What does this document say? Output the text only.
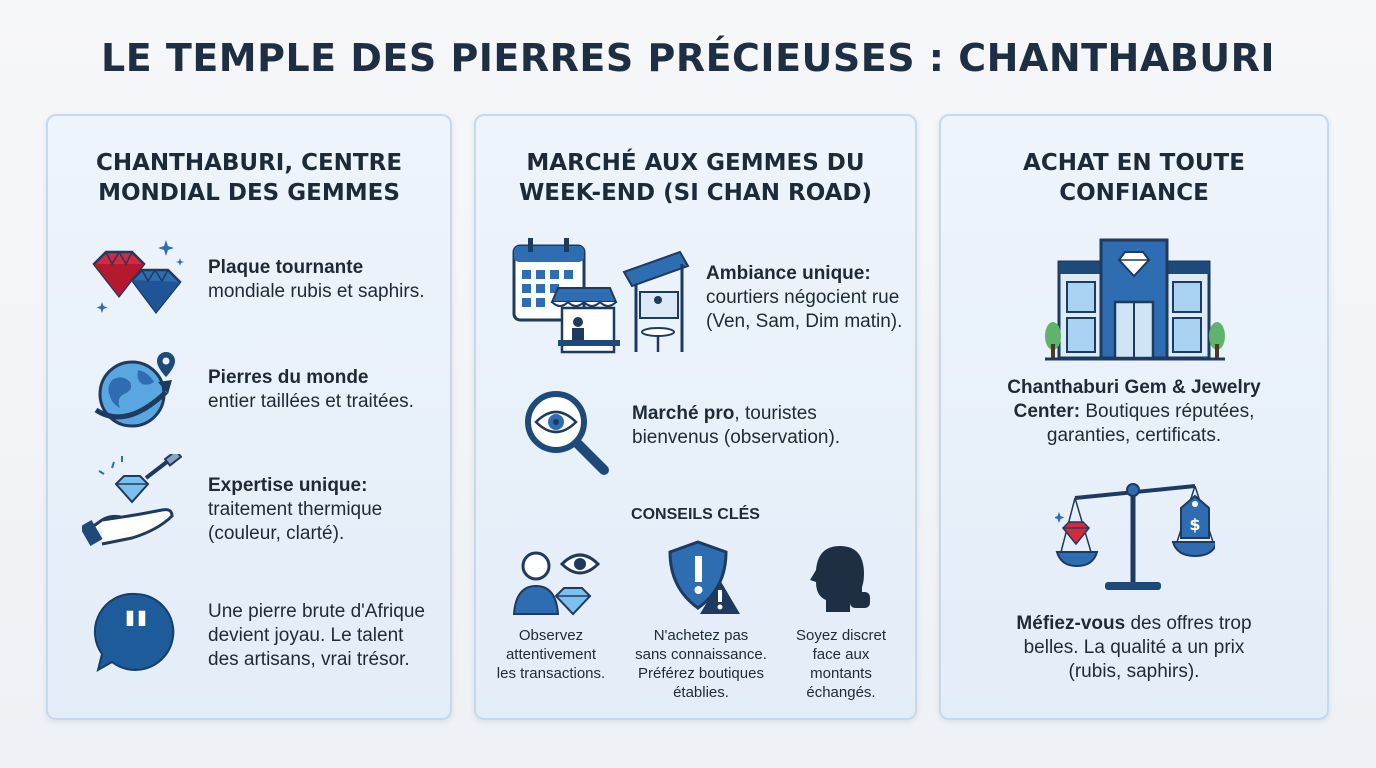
LE TEMPLE DES PIERRES PRÉCIEUSES : CHANTHABURI
CHANTHABURI, CENTRE
MONDIAL DES GEMMES
Plaque tournante
mondiale rubis et saphirs.
Pierres du monde
entier taillées et traitées.
Expertise unique:
traitement thermique
(couleur, clarté).
"	Une pierre brute d'Afrique
devient joyau. Le talent
des artisans, vrai trésor.
MARCHÉ AUX GEMMES DU
WEEK-END (SI CHAN ROAD)
Ambiance unique:
courtiers négocient rue
(Ven, Sam, Dim matin).
Marché pro, touristes
bienvenus (observation).
CONSEILS CLÉS
Observez
attentivement
les transactions.
N'achetez pas
sans connaissance.
Préférez boutiques
établies.
Soyez discret
face aux
montants
échangés.
ACHAT EN TOUTE
CONFIANCE
Chanthaburi Gem & Jewelry
Center: Boutiques réputées,
garanties, certificats.
$
Méfiez-vous des offres trop
belles. La qualité a un prix
(rubis, saphirs).
